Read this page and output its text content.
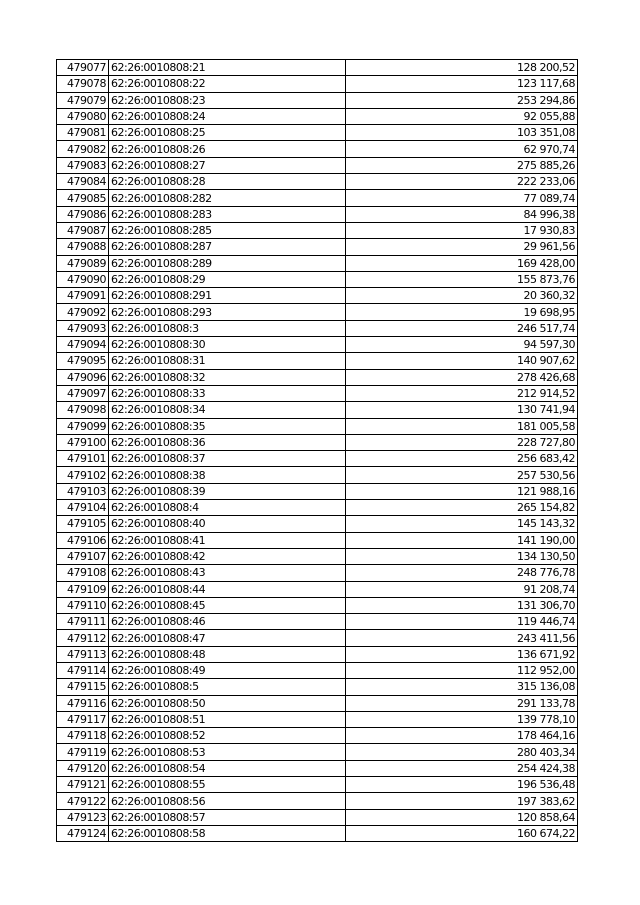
479077	62:26:0010808:21	128 200,52
479078	62:26:0010808:22	123 117,68
479079	62:26:0010808:23	253 294,86
479080	62:26:0010808:24	92 055,88
479081	62:26:0010808:25	103 351,08
479082	62:26:0010808:26	62 970,74
479083	62:26:0010808:27	275 885,26
479084	62:26:0010808:28	222 233,06
479085	62:26:0010808:282	77 089,74
479086	62:26:0010808:283	84 996,38
479087	62:26:0010808:285	17 930,83
479088	62:26:0010808:287	29 961,56
479089	62:26:0010808:289	169 428,00
479090	62:26:0010808:29	155 873,76
479091	62:26:0010808:291	20 360,32
479092	62:26:0010808:293	19 698,95
479093	62:26:0010808:3	246 517,74
479094	62:26:0010808:30	94 597,30
479095	62:26:0010808:31	140 907,62
479096	62:26:0010808:32	278 426,68
479097	62:26:0010808:33	212 914,52
479098	62:26:0010808:34	130 741,94
479099	62:26:0010808:35	181 005,58
479100	62:26:0010808:36	228 727,80
479101	62:26:0010808:37	256 683,42
479102	62:26:0010808:38	257 530,56
479103	62:26:0010808:39	121 988,16
479104	62:26:0010808:4	265 154,82
479105	62:26:0010808:40	145 143,32
479106	62:26:0010808:41	141 190,00
479107	62:26:0010808:42	134 130,50
479108	62:26:0010808:43	248 776,78
479109	62:26:0010808:44	91 208,74
479110	62:26:0010808:45	131 306,70
479111	62:26:0010808:46	119 446,74
479112	62:26:0010808:47	243 411,56
479113	62:26:0010808:48	136 671,92
479114	62:26:0010808:49	112 952,00
479115	62:26:0010808:5	315 136,08
479116	62:26:0010808:50	291 133,78
479117	62:26:0010808:51	139 778,10
479118	62:26:0010808:52	178 464,16
479119	62:26:0010808:53	280 403,34
479120	62:26:0010808:54	254 424,38
479121	62:26:0010808:55	196 536,48
479122	62:26:0010808:56	197 383,62
479123	62:26:0010808:57	120 858,64
479124	62:26:0010808:58	160 674,22
